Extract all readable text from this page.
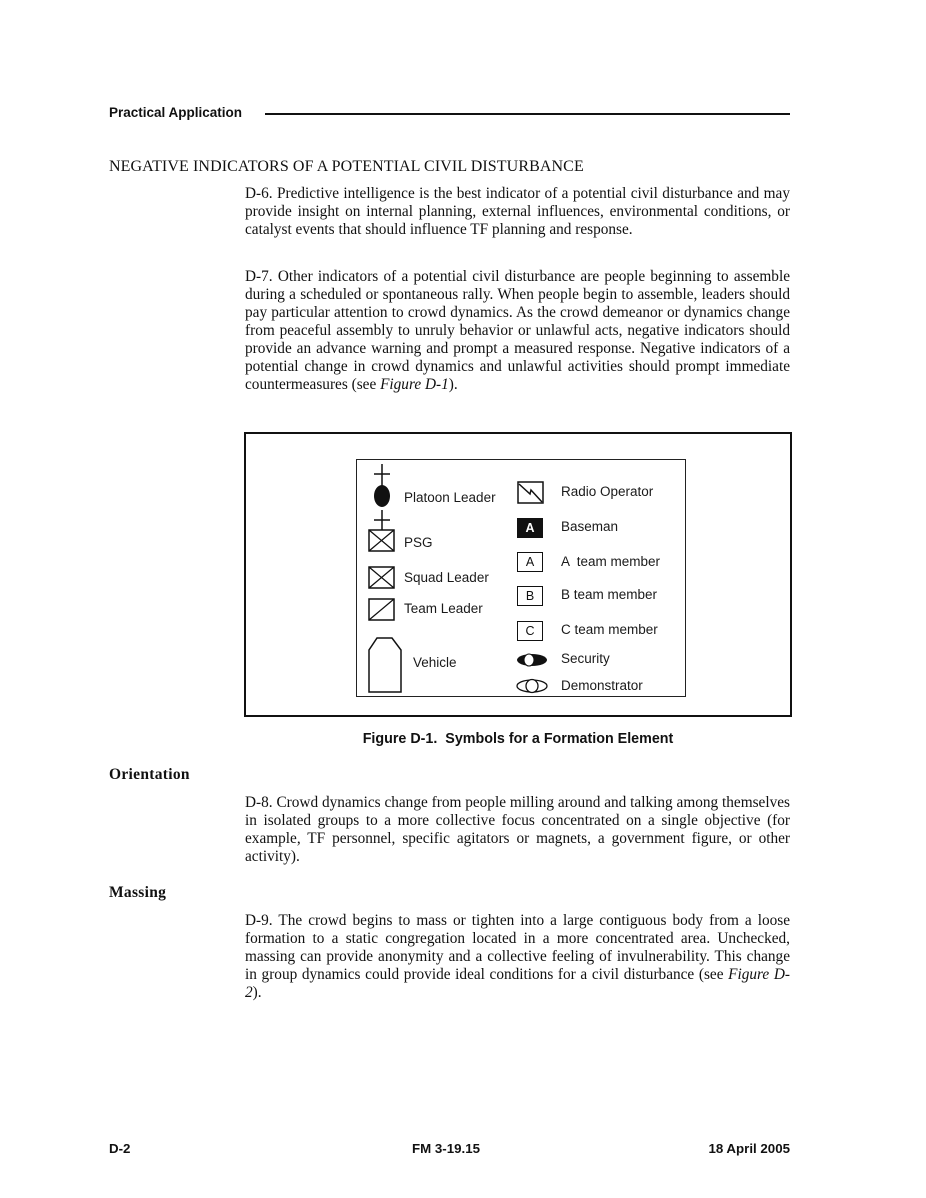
Practical Application
NEGATIVE INDICATORS OF A POTENTIAL CIVIL DISTURBANCE

D-6. Predictive intelligence is the best indicator of a potential civil disturbance and may provide insight on internal planning, external influences, environmental conditions, or catalyst events that should influence TF planning and response.

D-7. Other indicators of a potential civil disturbance are people beginning to assemble during a scheduled or spontaneous rally. When people begin to assemble, leaders should pay particular attention to crowd dynamics. As the crowd demeanor or dynamics change from peaceful assembly to unruly behavior or unlawful acts, negative indicators should provide an advance warning and prompt a measured response. Negative indicators of a potential change in crowd dynamics and unlawful activities should prompt immediate countermeasures (see Figure D-1).

Platoon Leader
PSG
Squad Leader
Team Leader
Vehicle
Radio Operator
A	Baseman
A	A  team member
B	B team member
C	C team member
Security
Demonstrator
Figure D-1.  Symbols for a Formation Element
Orientation

D-8. Crowd dynamics change from people milling around and talking among themselves in isolated groups to a more collective focus concentrated on a single objective (for example, TF personnel, specific agitators or magnets, a government figure, or other activity).

Massing

D-9. The crowd begins to mass or tighten into a large contiguous body from a loose formation to a static congregation located in a more concentrated area. Unchecked, massing can provide anonymity and a collective feeling of invulnerability. This change in group dynamics could provide ideal conditions for a civil disturbance (see Figure D-2).

D-2	FM 3-19.15	18 April 2005
